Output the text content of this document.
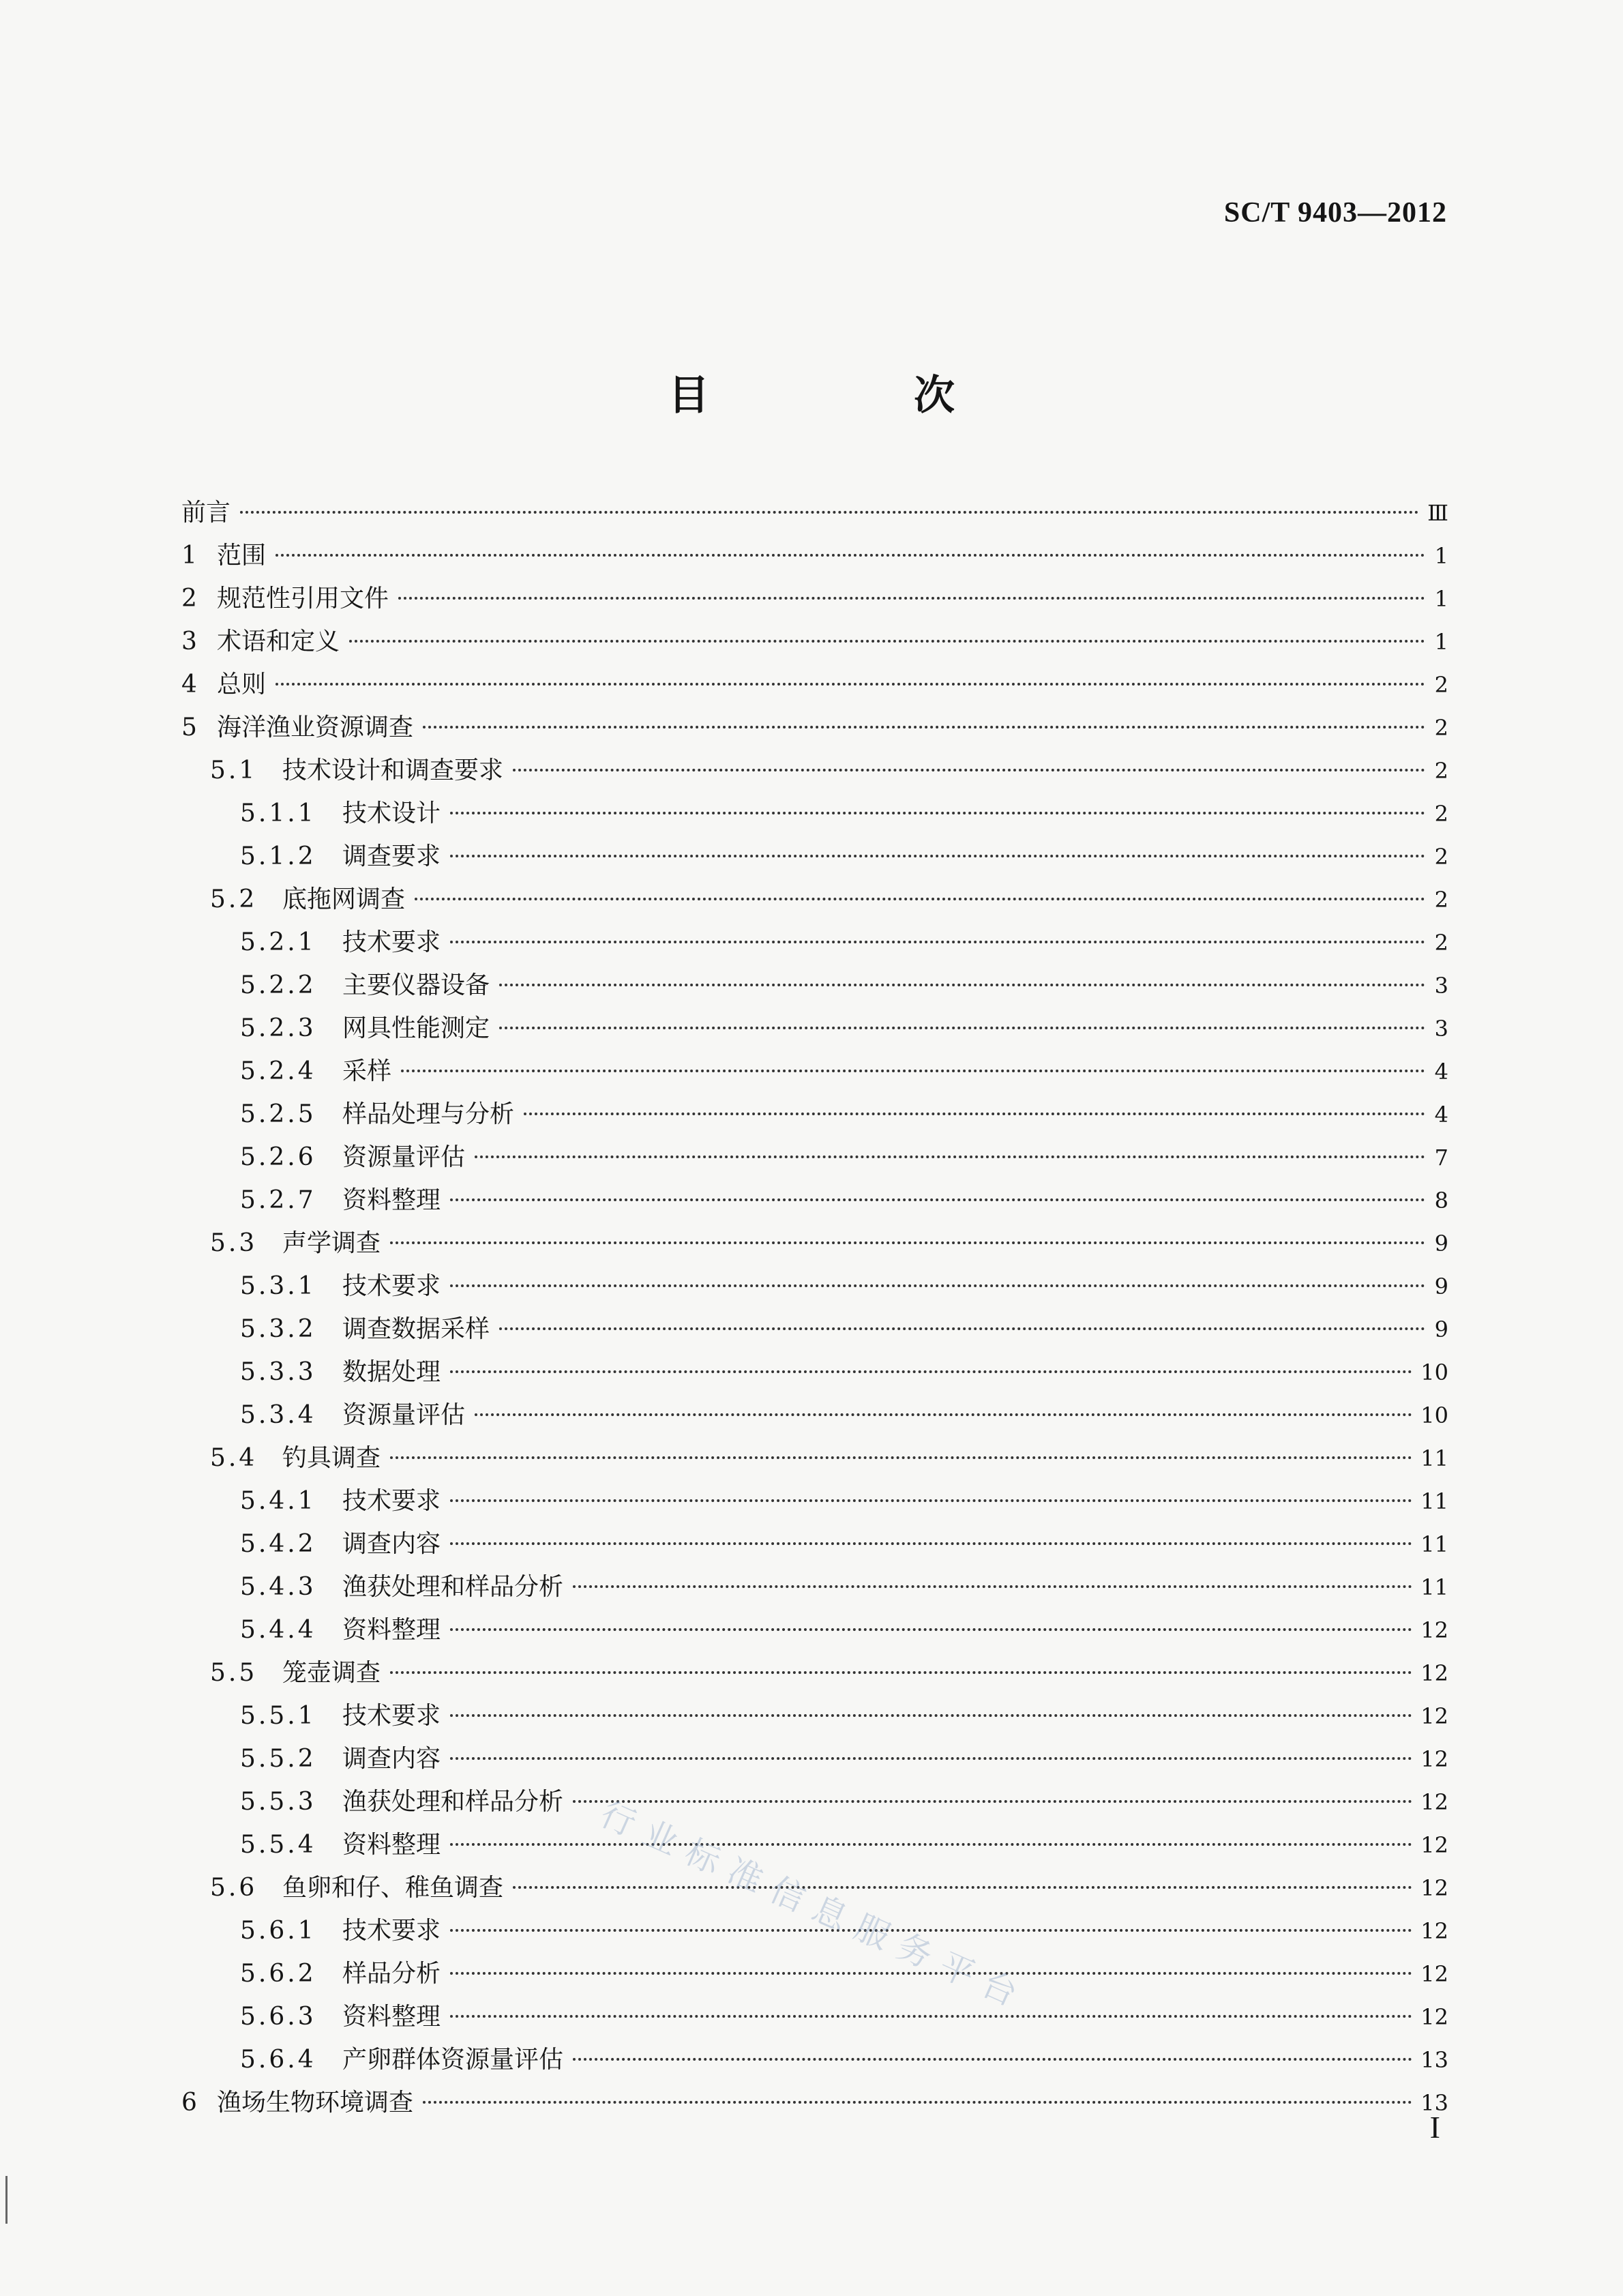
SC/T 9403—2012
目　次
前言	Ⅲ
1 范围	1
2 规范性引用文件	1
3 术语和定义	1
4 总则	2
5 海洋渔业资源调查	2
5.1	技术设计和调查要求	2
5.1.1	技术设计	2
5.1.2	调查要求	2
5.2	底拖网调查	2
5.2.1	技术要求	2
5.2.2	主要仪器设备	3
5.2.3	网具性能测定	3
5.2.4	采样	4
5.2.5	样品处理与分析	4
5.2.6	资源量评估	7
5.2.7	资料整理	8
5.3	声学调查	9
5.3.1	技术要求	9
5.3.2	调查数据采样	9
5.3.3	数据处理	10
5.3.4	资源量评估	10
5.4	钓具调查	11
5.4.1	技术要求	11
5.4.2	调查内容	11
5.4.3	渔获处理和样品分析	11
5.4.4	资料整理	12
5.5	笼壶调查	12
5.5.1	技术要求	12
5.5.2	调查内容	12
5.5.3	渔获处理和样品分析	12
5.5.4	资料整理	12
5.6	鱼卵和仔、稚鱼调查	12
5.6.1	技术要求	12
5.6.2	样品分析	12
5.6.3	资料整理	12
5.6.4	产卵群体资源量评估	13
6 渔场生物环境调查	13
行业标准信息服务平台
I
